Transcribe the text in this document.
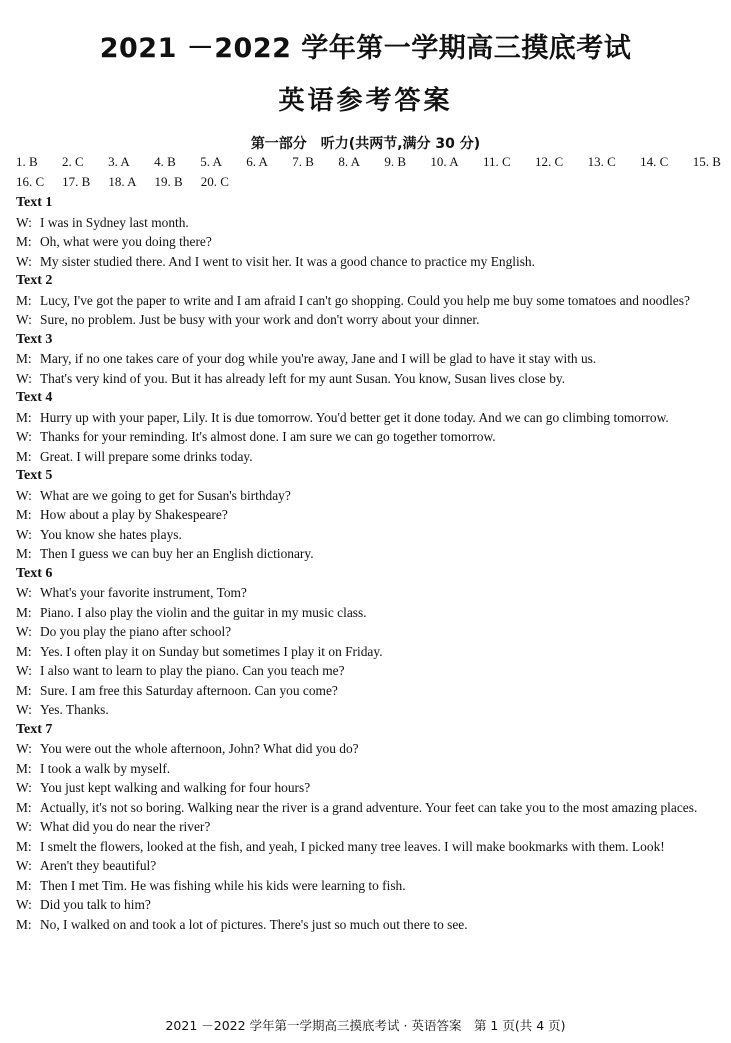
2021 －2022 学年第一学期高三摸底考试
英语参考答案
第一部分　听力(共两节,满分 30 分)
1. B 2. C 3. A 4. B 5. A 6. A 7. B 8. A 9. B 10. A 11. C 12. C 13. C 14. C 15. B
16. C 17. B 18. A 19. B 20. C
Text 1
W: I was in Sydney last month.
M: Oh, what were you doing there?
W: My sister studied there. And I went to visit her. It was a good chance to practice my English.
Text 2
M: Lucy, I've got the paper to write and I am afraid I can't go shopping. Could you help me buy some tomatoes and noodles?
W: Sure, no problem. Just be busy with your work and don't worry about your dinner.
Text 3
M: Mary, if no one takes care of your dog while you're away, Jane and I will be glad to have it stay with us.
W: That's very kind of you. But it has already left for my aunt Susan. You know, Susan lives close by.
Text 4
M: Hurry up with your paper, Lily. It is due tomorrow. You'd better get it done today. And we can go climbing tomorrow.
W: Thanks for your reminding. It's almost done. I am sure we can go together tomorrow.
M: Great. I will prepare some drinks today.
Text 5
W: What are we going to get for Susan's birthday?
M: How about a play by Shakespeare?
W: You know she hates plays.
M: Then I guess we can buy her an English dictionary.
Text 6
W: What's your favorite instrument, Tom?
M: Piano. I also play the violin and the guitar in my music class.
W: Do you play the piano after school?
M: Yes. I often play it on Sunday but sometimes I play it on Friday.
W: I also want to learn to play the piano. Can you teach me?
M: Sure. I am free this Saturday afternoon. Can you come?
W: Yes. Thanks.
Text 7
W: You were out the whole afternoon, John? What did you do?
M: I took a walk by myself.
W: You just kept walking and walking for four hours?
M: Actually, it's not so boring. Walking near the river is a grand adventure. Your feet can take you to the most amazing places.
W: What did you do near the river?
M: I smelt the flowers, looked at the fish, and yeah, I picked many tree leaves. I will make bookmarks with them. Look!
W: Aren't they beautiful?
M: Then I met Tim. He was fishing while his kids were learning to fish.
W: Did you talk to him?
M: No, I walked on and took a lot of pictures. There's just so much out there to see.
2021 －2022 学年第一学期高三摸底考试 · 英语答案　第 1 页(共 4 页)
